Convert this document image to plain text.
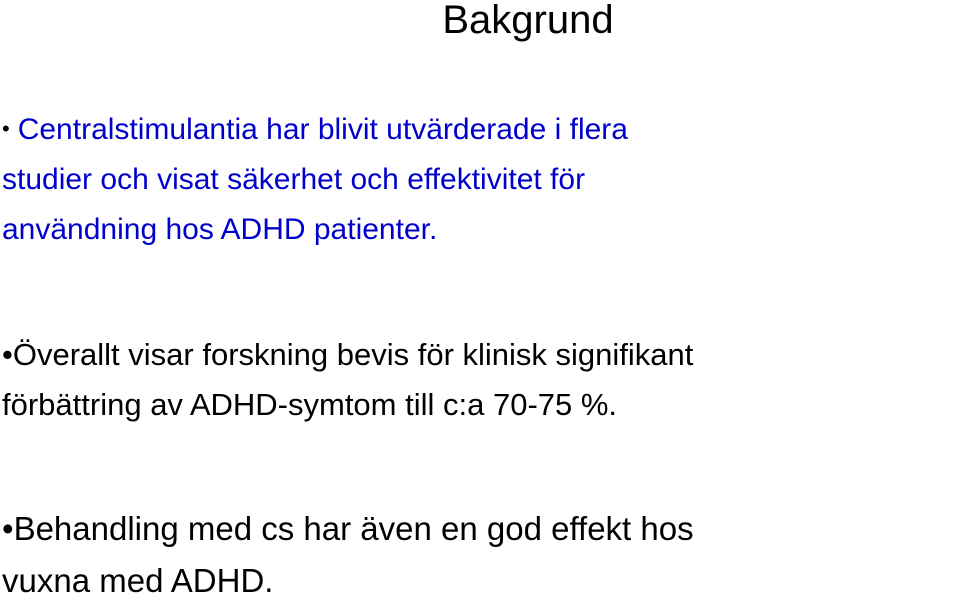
Bakgrund
• Centralstimulantia har blivit utvärderade i flera
studier och visat säkerhet och effektivitet för
användning hos ADHD patienter.
•Överallt visar forskning bevis för klinisk signifikant
förbättring av ADHD-symtom till c:a 70-75 %.
•Behandling med cs har även en god effekt hos
vuxna med ADHD.
